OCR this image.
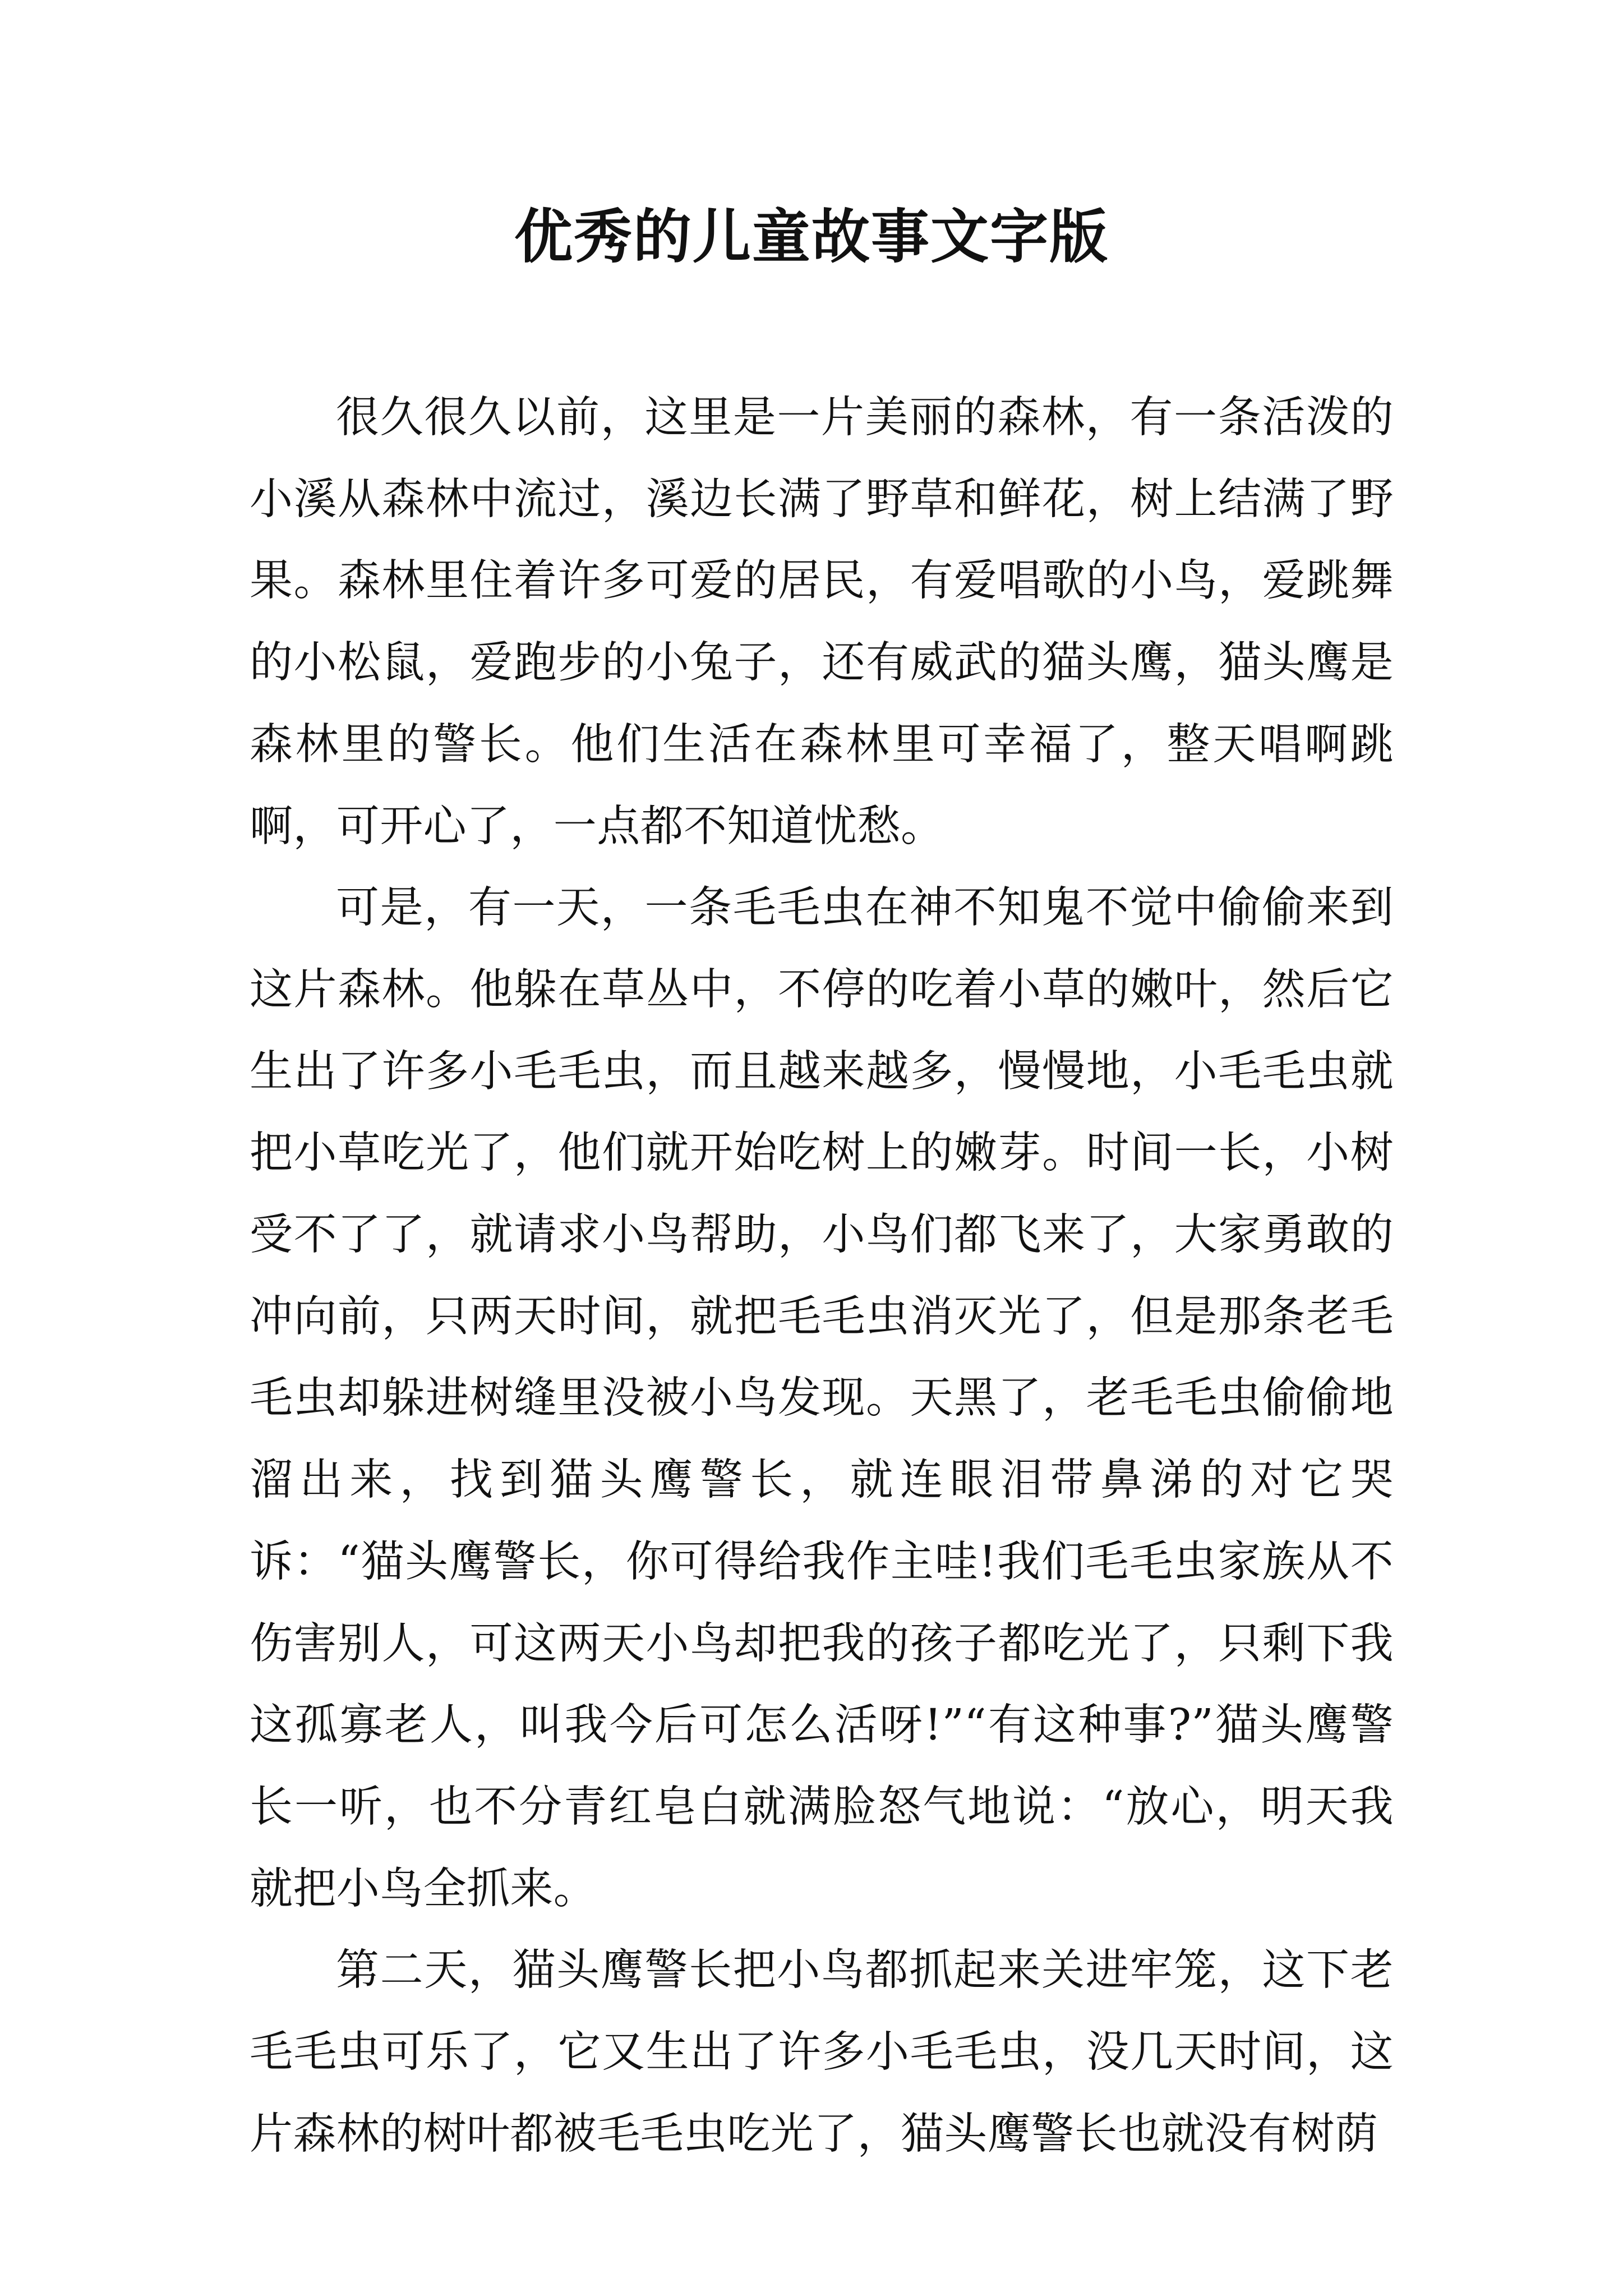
优秀的儿童故事文字版

很久很久以前，这里是一片美丽的森林，有一条活泼的小溪从森林中流过，溪边长满了野草和鲜花，树上结满了野果。森林里住着许多可爱的居民，有爱唱歌的小鸟，爱跳舞的小松鼠，爱跑步的小兔子，还有威武的猫头鹰，猫头鹰是森林里的警长。他们生活在森林里可幸福了，整天唱啊跳啊，可开心了，一点都不知道忧愁。

可是，有一天，一条毛毛虫在神不知鬼不觉中偷偷来到这片森林。他躲在草丛中，不停的吃着小草的嫩叶，然后它生出了许多小毛毛虫，而且越来越多，慢慢地，小毛毛虫就把小草吃光了，他们就开始吃树上的嫩芽。时间一长，小树受不了了，就请求小鸟帮助，小鸟们都飞来了，大家勇敢的冲向前，只两天时间，就把毛毛虫消灭光了，但是那条老毛毛虫却躲进树缝里没被小鸟发现。天黑了，老毛毛虫偷偷地溜出来，找到猫头鹰警长，就连眼泪带鼻涕的对它哭诉：“猫头鹰警长，你可得给我作主哇!我们毛毛虫家族从不伤害别人，可这两天小鸟却把我的孩子都吃光了，只剩下我这孤寡老人，叫我今后可怎么活呀!”“有这种事?”猫头鹰警长一听，也不分青红皂白就满脸怒气地说：“放心，明天我就把小鸟全抓来。

第二天，猫头鹰警长把小鸟都抓起来关进牢笼，这下老毛毛虫可乐了，它又生出了许多小毛毛虫，没几天时间，这片森林的树叶都被毛毛虫吃光了，猫头鹰警长也就没有树荫
